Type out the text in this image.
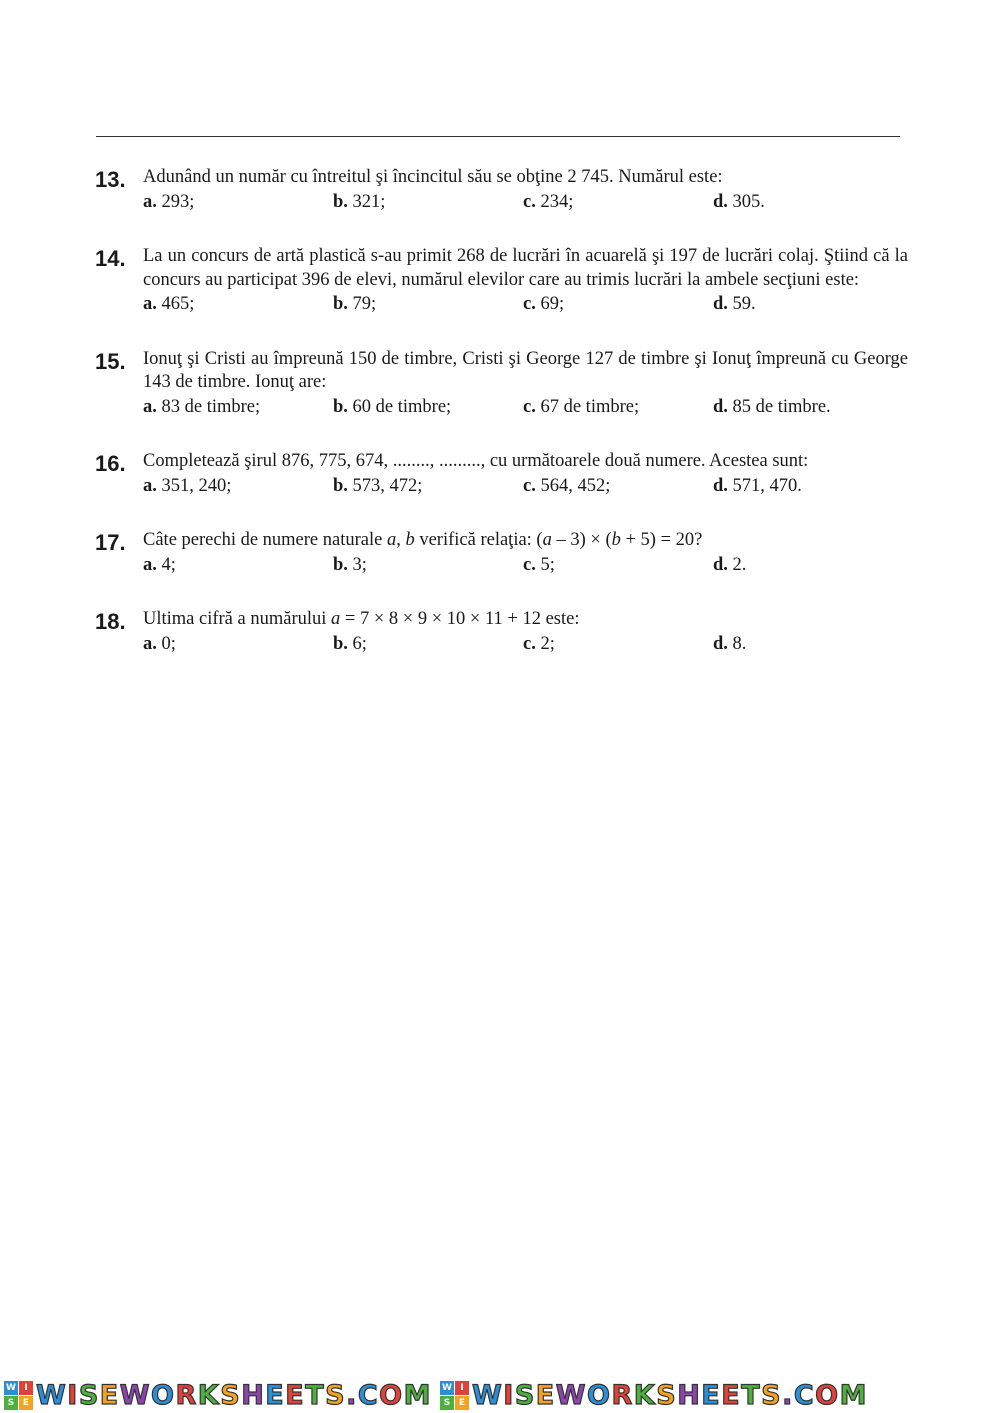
13. Adunând un număr cu întreitul şi încincitul său se obţine 2 745. Numărul este:
a. 293;	b. 321;	c. 234;	d. 305.
14. La un concurs de artă plastică s-au primit 268 de lucrări în acuarelă şi 197 de lucrări colaj. Ştiind că la concurs au participat 396 de elevi, numărul elevilor care au trimis lucrări la ambele secţiuni este:
a. 465;	b. 79;	c. 69;	d. 59.
15. Ionuţ şi Cristi au împreună 150 de timbre, Cristi şi George 127 de timbre şi Ionuţ împreună cu George 143 de timbre. Ionuţ are:
a. 83 de timbre;	b. 60 de timbre;	c. 67 de timbre;	d. 85 de timbre.
16. Completează şirul 876, 775, 674, ........, ........., cu următoarele două numere. Acestea sunt:
a. 351, 240;	b. 573, 472;	c. 564, 452;	d. 571, 470.
17. Câte perechi de numere naturale a, b verifică relaţia: (a – 3) × (b + 5) = 20?
a. 4;	b. 3;	c. 5;	d. 2.
18. Ultima cifră a numărului a = 7 × 8 × 9 × 10 × 11 + 12 este:
a. 0;	b. 6;	c. 2;	d. 8.
W I
S E WISEWORKSHEETS.COM W I
S E WISEWORKSHEETS.COM
